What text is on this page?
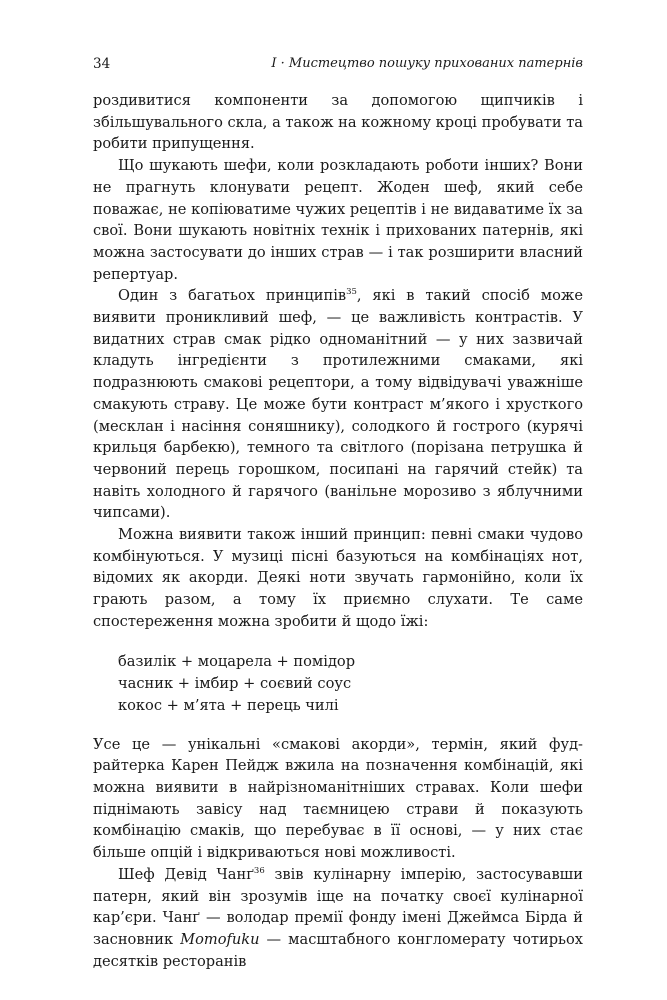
34	I · Мистецтво пошуку прихованих патернів

роздивитися компоненти за допомогою щипчиків і збільшувального скла, а також на кожному кроці пробувати та робити припущення.

Що шукають шефи, коли розкладають роботи інших? Вони не прагнуть клонувати рецепт. Жоден шеф, який себе поважає, не копіюватиме чужих рецептів і не видаватиме їх за свої. Вони шукають новітніх технік і прихованих патернів, які можна застосувати до інших страв — і так розширити власний репертуар.

Один з багатьох принципів$^{35}$, які в такий спосіб може виявити проникливий шеф, — це важливість контрастів. У видатних страв смак рідко одноманітний — у них зазвичай кладуть інгредієнти з протилежними смаками, які подразнюють смакові рецептори, а тому відвідувачі уважніше смакують страву. Це може бути контраст м’якого і хрусткого (месклан і насіння соняшнику), солодкого й гострого (курячі крильця барбекю), темного та світлого (порізана петрушка й червоний перець горошком, посипані на гарячий стейк) та навіть холодного й гарячого (ванільне морозиво з яблучними чипсами).

Можна виявити також інший принцип: певні смаки чудово комбінуються. У музиці пісні базуються на комбінаціях нот, відомих як акорди. Деякі ноти звучать гармонійно, коли їх грають разом, а тому їх приємно слухати. Те саме спостереження можна зробити й щодо їжі:

базилік + моцарела + помідор
часник + імбир + соєвий соус
кокос + м’ята + перець чилі

Усе це — унікальні «смакові акорди», термін, який фуд-райтерка Карен Пейдж вжила на позначення комбінацій, які можна виявити в найрізноманітніших стравах. Коли шефи піднімають завісу над таємницею страви й показують комбінацію смаків, що перебуває в її основі, — у них стає більше опцій і відкриваються нові можливості.

Шеф Девід Чанґ$^{36}$ звів кулінарну імперію, застосувавши патерн, який він зрозумів іще на початку своєї кулінарної кар’єри. Чанґ — володар премії фонду імені Джеймса Бірда й засновник Momofuku — масштабного конгломерату чотирьох десятків ресторанів
